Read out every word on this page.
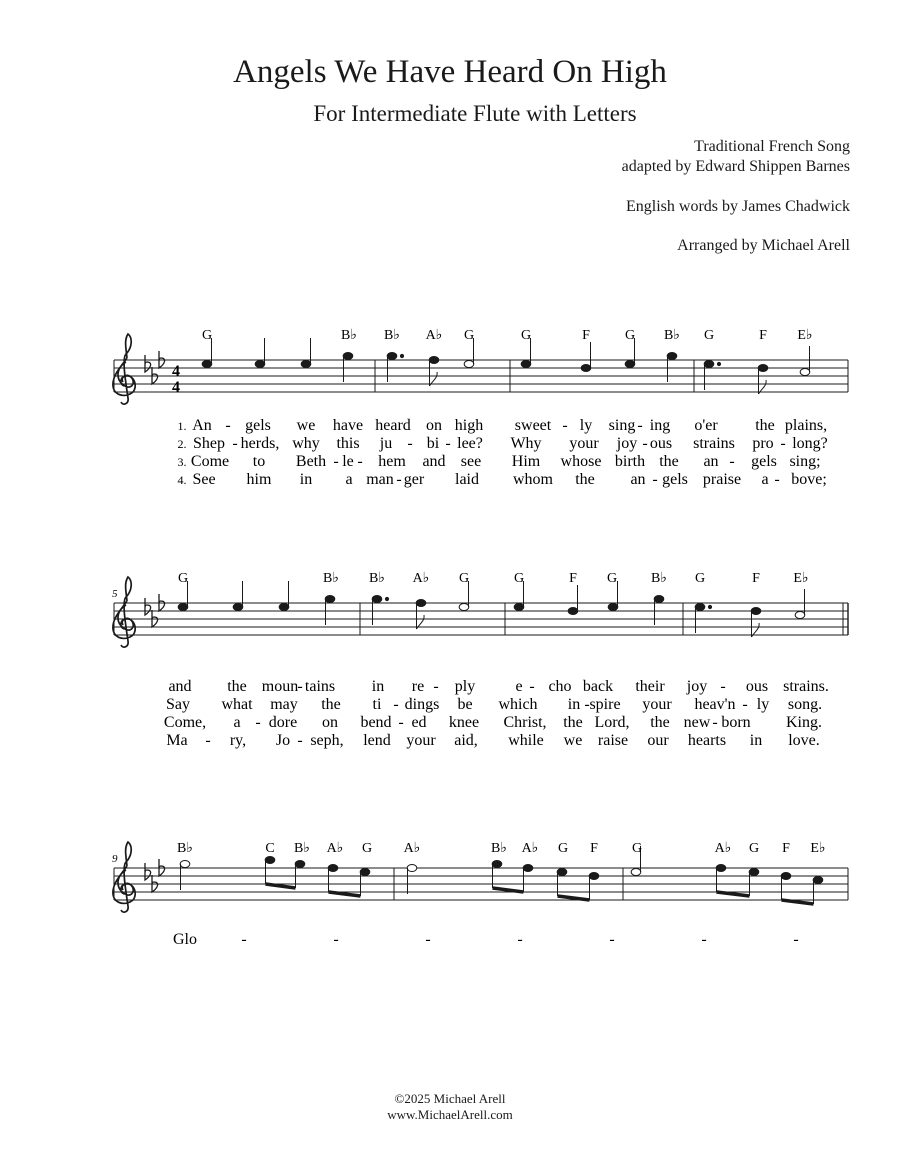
Angels We Have Heard On High
For Intermediate Flute with Letters
Traditional French Song
adapted by Edward Shippen Barnes
English words by James Chadwick
Arranged by Michael Arell
4
4
G	B♭ B♭ A♭ G	G	F	G B♭ G	F E♭
1. An - gels we have heard on high sweet - ly sing - ing o'er the plains,
2. Shep - herds, why this ju - bi - lee? Why your joy - ous strains pro - long?
3. Come to Beth - le - hem and see Him whose birth the an - gels sing;
4. See him in a man - ger laid whom the an - gels praise a - bove;
5
G	B♭ B♭ A♭ G	G	F G B♭ G	F E♭
and the moun - tains in re - ply	e - cho back their joy - ous strains.
Say what may the ti - dings be which in - spire your heav'n - ly song.
Come, a - dore on bend - ed knee Christ, the Lord, the new - born King.
Ma - ry, Jo - seph, lend your aid, while we raise our hearts in love.
9
B♭	C B♭ A♭ G A♭	B♭ A♭ G F G	A♭ G F E♭
Glo	-	-	-	-	-	-	-
©2025 Michael Arell
www.MichaelArell.com
